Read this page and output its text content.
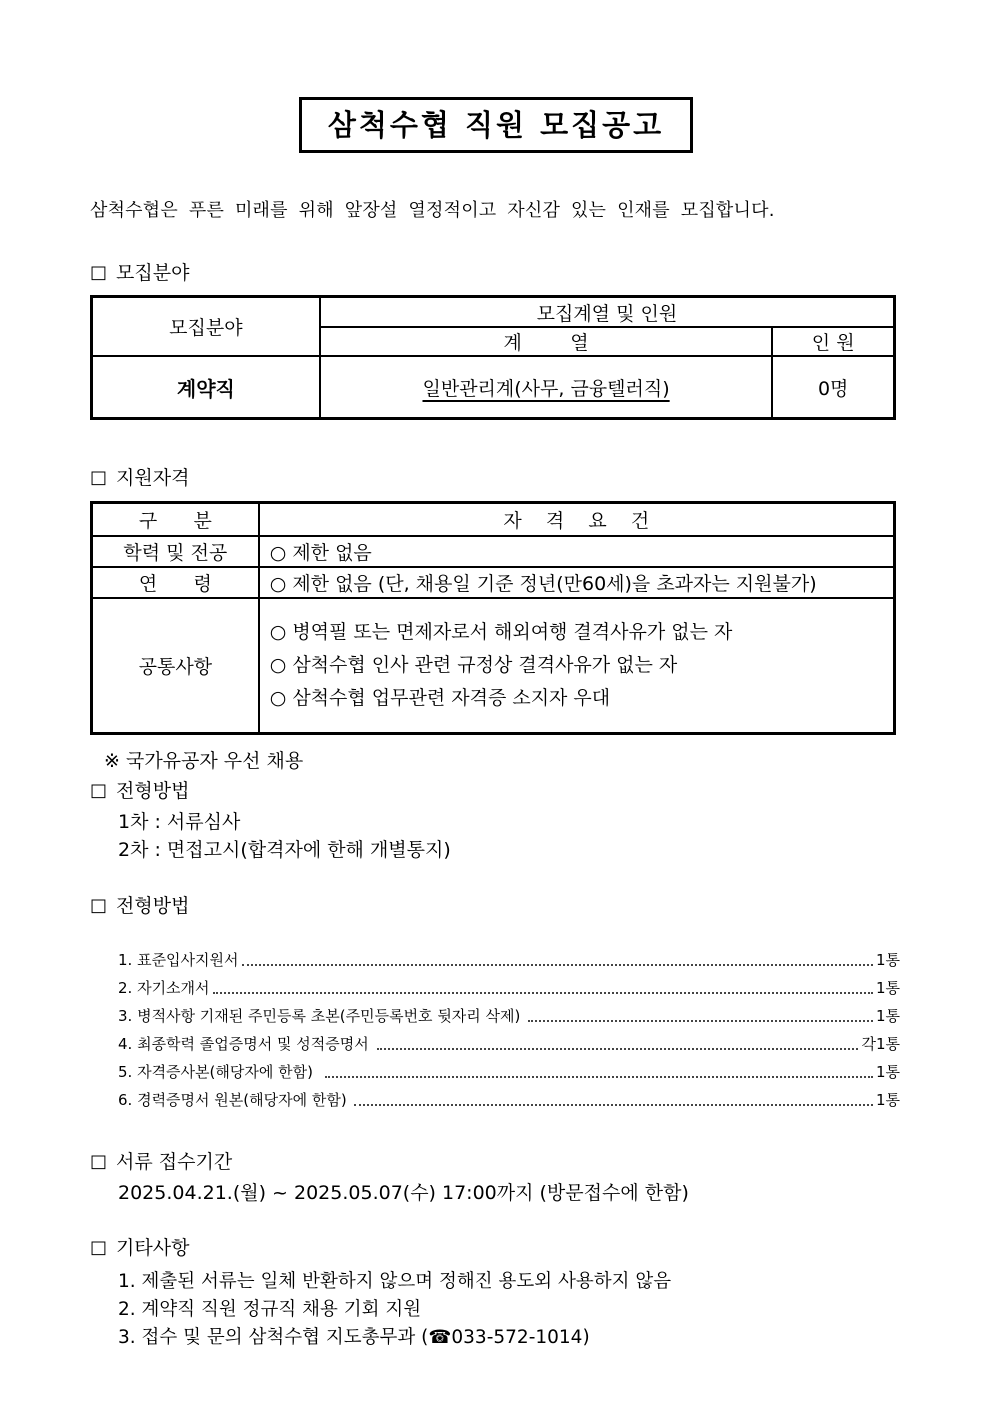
삼척수협 직원 모집공고

삼척수협은 푸른 미래를 위해 앞장설 열정적이고 자신감 있는 인재를 모집합니다.

□ 모집분야
모집분야	모집계열 및 인원	
	계        열	인 원
계약직	일반관리계(사무, 금융텔러직)	0명
□ 지원자격
구      분	자    격    요    건
학력 및 전공	○ 제한 없음
연      령	○ 제한 없음 (단, 채용일 기준 정년(만60세)을 초과자는 지원불가)
공통사항	○ 병역필 또는 면제자로서 해외여행 결격사유가 없는 자
○ 삼척수협 인사 관련 규정상 결격사유가 없는 자
○ 삼척수협 업무관련 자격증 소지자 우대
※ 국가유공자 우선 채용
□ 전형방법
1차 : 서류심사
2차 : 면접고시(합격자에 한해 개별통지)
□ 전형방법
1. 표준입사지원서	1통
2. 자기소개서	1통
3. 병적사항 기재된 주민등록 초본(주민등록번호 뒷자리 삭제)	1통
4. 최종학력 졸업증명서 및 성적증명서	각1통
5. 자격증사본(해당자에 한함)	1통
6. 경력증명서 원본(해당자에 한함)	1통
□ 서류 접수기간
2025.04.21.(월) ~ 2025.05.07(수) 17:00까지 (방문접수에 한함)
□ 기타사항
1. 제출된 서류는 일체 반환하지 않으며 정해진 용도외 사용하지 않음
2. 계약직 직원 정규직 채용 기회 지원
3. 접수 및 문의 삼척수협 지도총무과 (☎033-572-1014)
